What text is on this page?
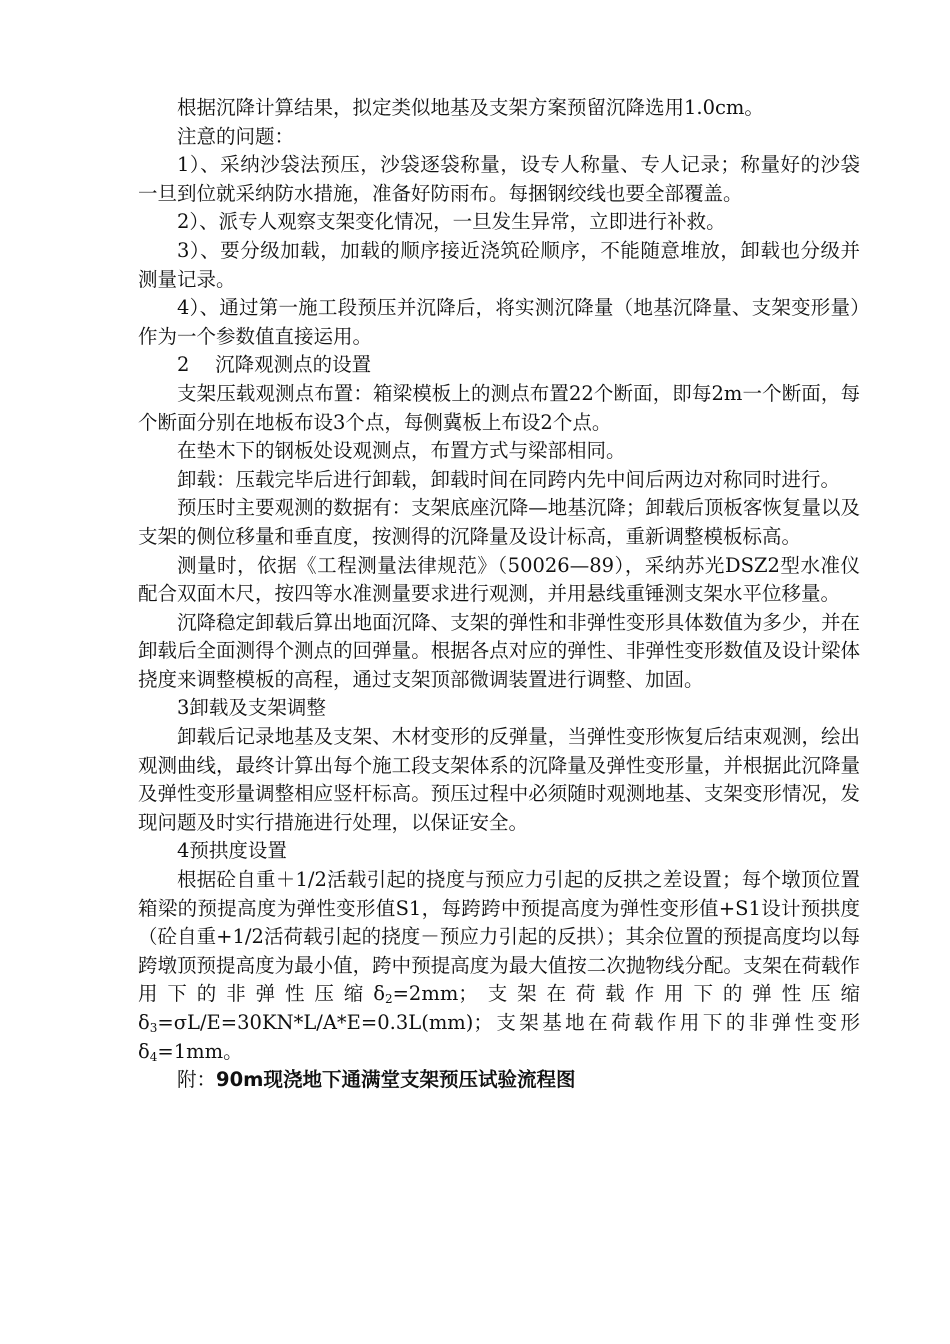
根据沉降计算结果，拟定类似地基及支架方案预留沉降选用1.0cm。

注意的问题：

1）、采纳沙袋法预压，沙袋逐袋称量，设专人称量、专人记录；称量好的沙袋一旦到位就采纳防水措施，准备好防雨布。每捆钢绞线也要全部覆盖。

2）、派专人观察支架变化情况，一旦发生异常，立即进行补救。

3）、要分级加载，加载的顺序接近浇筑砼顺序，不能随意堆放，卸载也分级并测量记录。

4）、通过第一施工段预压并沉降后，将实测沉降量（地基沉降量、支架变形量）作为一个参数值直接运用。

2　 沉降观测点的设置

支架压载观测点布置：箱梁模板上的测点布置22个断面，即每2m一个断面，每个断面分别在地板布设3个点，每侧冀板上布设2个点。

在垫木下的钢板处设观测点，布置方式与梁部相同。

卸载：压载完毕后进行卸载，卸载时间在同跨内先中间后两边对称同时进行。

预压时主要观测的数据有：支架底座沉降—地基沉降；卸载后顶板客恢复量以及支架的侧位移量和垂直度，按测得的沉降量及设计标高，重新调整模板标高。

测量时，依据《工程测量法律规范》（50026—89），采纳苏光DSZ2型水准仪配合双面木尺，按四等水准测量要求进行观测，并用悬线重锤测支架水平位移量。

沉降稳定卸载后算出地面沉降、支架的弹性和非弹性变形具体数值为多少，并在卸载后全面测得个测点的回弹量。根据各点对应的弹性、非弹性变形数值及设计梁体挠度来调整模板的高程，通过支架顶部微调装置进行调整、加固。

3卸载及支架调整

卸载后记录地基及支架、木材变形的反弹量，当弹性变形恢复后结束观测，绘出观测曲线，最终计算出每个施工段支架体系的沉降量及弹性变形量，并根据此沉降量及弹性变形量调整相应竖杆标高。预压过程中必须随时观测地基、支架变形情况，发现问题及时实行措施进行处理，以保证安全。

4预拱度设置

根据砼自重＋1/2活载引起的挠度与预应力引起的反拱之差设置；每个墩顶位置箱梁的预提高度为弹性变形值S1，每跨跨中预提高度为弹性变形值+S1设计预拱度（砼自重+1/2活荷载引起的挠度－预应力引起的反拱）；其余位置的预提高度均以每跨墩顶预提高度为最小值，跨中预提高度为最大值按二次抛物线分配。支架在荷载作用下的非弹性压缩$\delta_2=2mm$；支架在荷载作用下的弹性压缩 $\delta_3=\sigma L/E=30KN*L/A*E=0.3L(mm)$；支架基地在荷载作用下的非弹性变形 $\delta_4=1mm$。

附：90m现浇地下通满堂支架预压试验流程图
